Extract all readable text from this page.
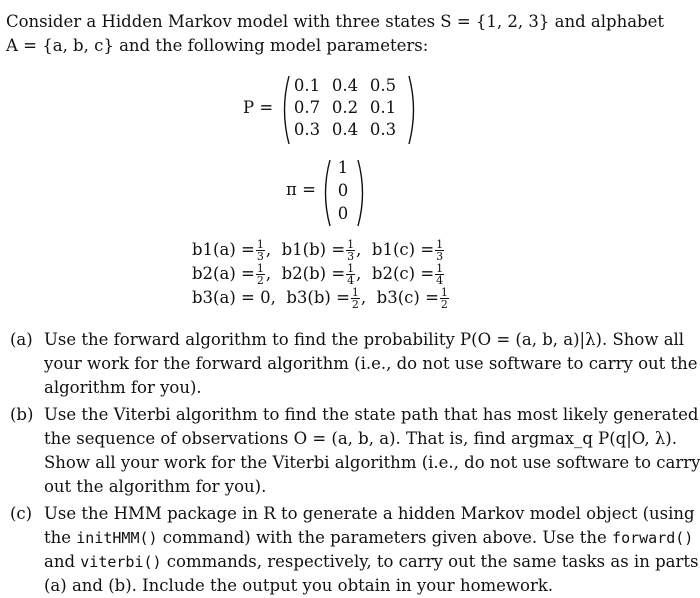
Consider a Hidden Markov model with three states S = {1, 2, 3} and alphabet
A = {a, b, c} and the following model parameters:
P =
0.1 0.4 0.5
0.7 0.2 0.1
0.3 0.4 0.3
π =
1
0
0
$b1(a) = \frac{1}{3}$ ,  $b1(b) = \frac{1}{3}$ ,  $b1(c) = \frac{1}{3}$
$b2(a) = \frac{1}{2}$ ,  $b2(b) = \frac{1}{4}$ ,  $b2(c) = \frac{1}{4}$
b3(a) = 0, $b3(b) = \frac{1}{2}$ ,  $b3(c) = \frac{1}{2}$
(a) Use the forward algorithm to find the probability P(O = (a, b, a)|λ). Show all
your work for the forward algorithm (i.e., do not use software to carry out the
algorithm for you).
(b) Use the Viterbi algorithm to find the state path that has most likely generated
the sequence of observations O = (a, b, a). That is, find argmax_q P(q|O, λ).
Show all your work for the Viterbi algorithm (i.e., do not use software to carry
out the algorithm for you).
(c) Use the HMM package in R to generate a hidden Markov model object (using
the initHMM() command) with the parameters given above. Use the forward()
and viterbi() commands, respectively, to carry out the same tasks as in parts
(a) and (b). Include the output you obtain in your homework.
